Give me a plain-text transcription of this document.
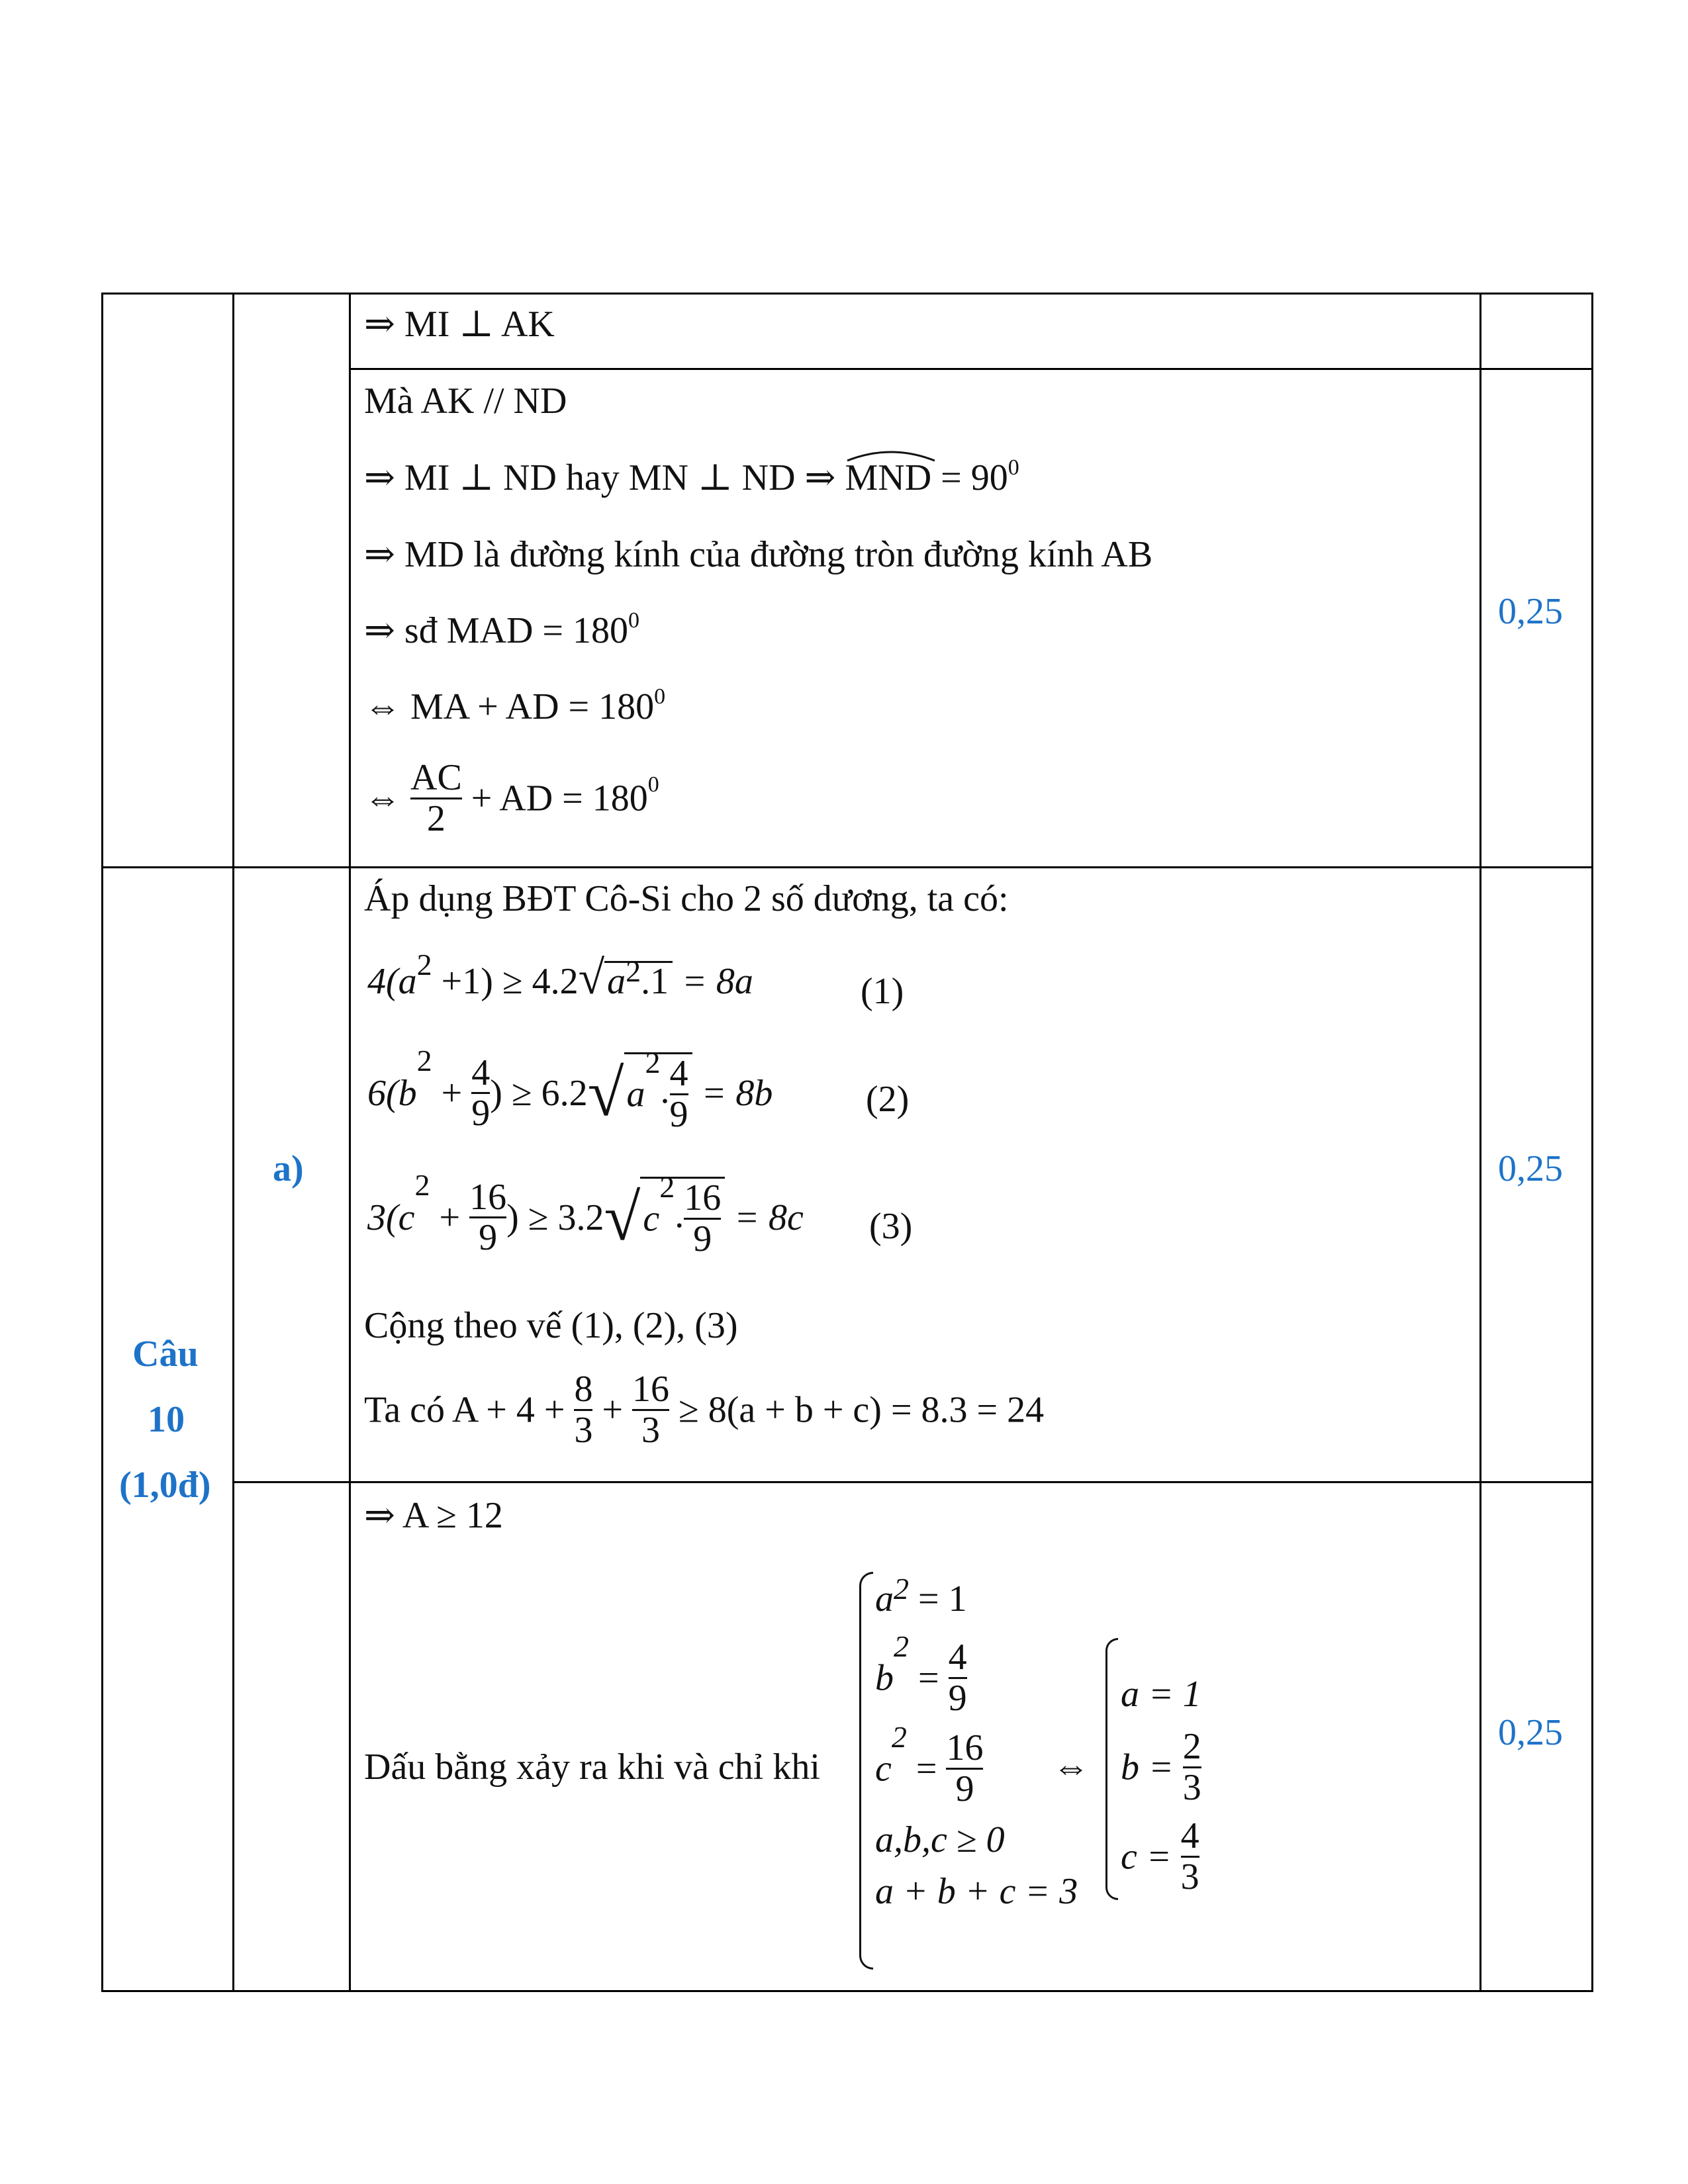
⇒ MI ⊥ AK
Mà AK // ND
⇒ MI ⊥ ND hay MN ⊥ ND ⇒
MND = $90^0$
⇒ MD là đường kính của đường tròn đường kính AB
⇒ sđ MAD = $180^0$
⇔ MA + AD = $180^0$
⇔ $\frac{AC}{2}$ + AD = $180^0$
0,25
Câu
10
(1,0đ)
a)
Áp dụng BĐT Cô-Si cho 2 số dương, ta có:
$4(a^2 +1) \ge 4.2√a^2.1 = 8a$	(1)
$6(b^2 + \frac{4}{9}$ ) ≥ $6.2√a^2$. $\frac{4}{9} = 8b$	(2)
$3(c^2 + \frac{16}{9}$ ) ≥ $3.2√c^2$. $\frac{16}{9} = 8c$ (3)
Cộng theo vế (1), (2), (3)
Ta có $A + 4 + \frac{8}{3} + \frac{16}{3} \ge 8(a + b + c) = 8.3 = 24$
0,25
⇒ A ≥ 12
Dấu bằng xảy ra khi và chỉ khi
$a^2 = 1$
$b^2 = \frac{4}{9}$
$c^2 = \frac{16}{9}$
a,b,c ≥ 0
a + b + c = 3
⇔
a = 1
$b = \frac{2}{3}$
$c = \frac{4}{3}$
0,25
